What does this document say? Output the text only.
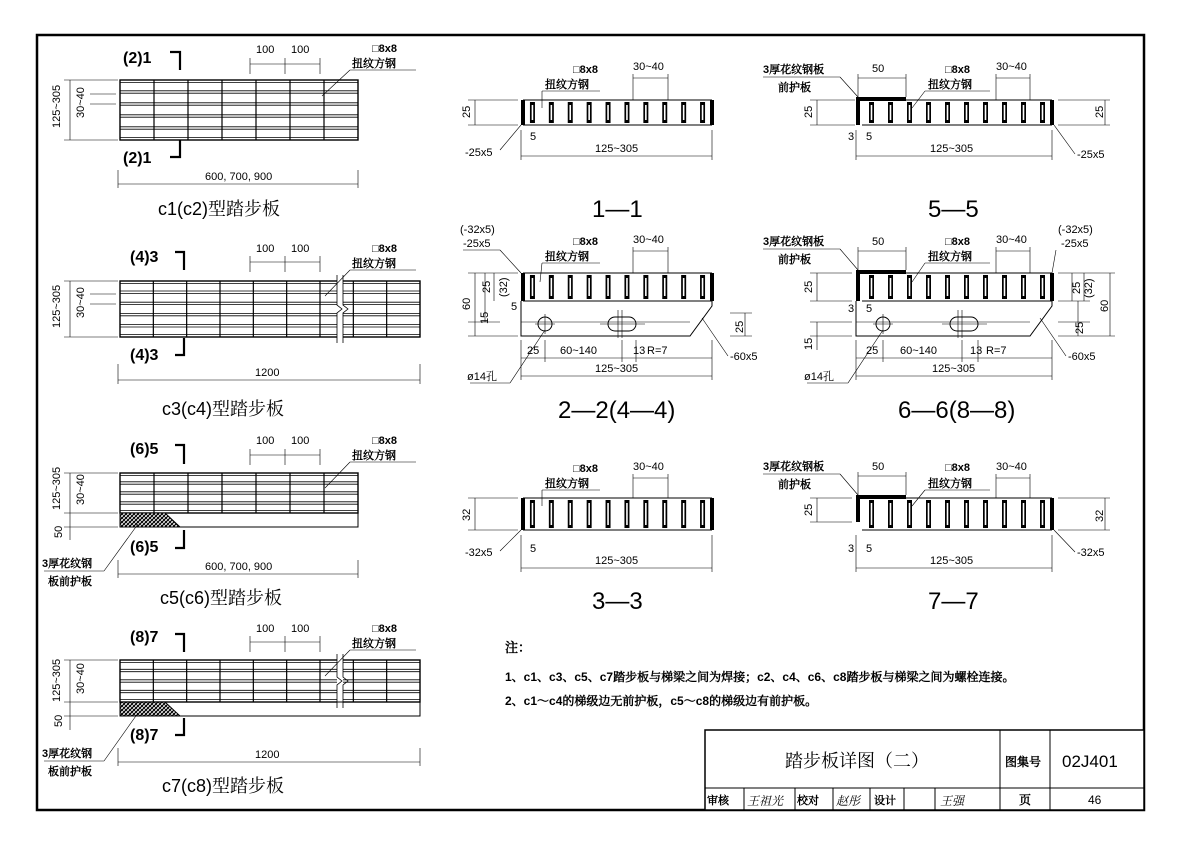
(2)1
(2)1
100 100	□8x8
扭纹方钢
125~305 30~40
600, 700, 900
c1(c2)型踏步板
(4)3
(4)3
100 100	□8x8
扭纹方钢
125~305 30~40
1200
c3(c4)型踏步板
(6)5
(6)5
100 100	□8x8
扭纹方钢
125~305 30~40
50
3厚花纹钢
板前护板
600, 700, 900
c5(c6)型踏步板
(8)7
(8)7
100 100	□8x8
扭纹方钢
125~305 30~40
50
3厚花纹钢
板前护板
1200
c7(c8)型踏步板
□8x8
扭纹方钢
30~40
25
-25x5
5
125~305
1—1
3厚花纹钢板
前护板
50	□8x8
扭纹方钢
30~40
25	25
-25x5
3 5
125~305
5—5
(-32x5)
-25x5	□8x8
扭纹方钢
30~40
60
25 (32)
15
5
25
25 60~140	13 R=7
125~305
ø14孔
-60x5
2—2(4—4)
3厚花纹钢板
前护板
50	□8x8
扭纹方钢
30~40
(-32x5)
-25x5
25 (32)
60
25
25
15
3 5
25 60~140	13 R=7
125~305
ø14孔
-60x5
6—6(8—8)
□8x8
扭纹方钢
30~40
32
-32x5	5
125~305
3—3
3厚花纹钢板
前护板
50	□8x8
扭纹方钢
30~40
25	32
-32x5
3 5
125~305
7—7
注：
1、c1、c3、c5、c7踏步板与梯梁之间为焊接；c2、c4、c6、c8踏步板与梯梁之间为螺栓连接。
2、c1～c4的梯级边无前护板，c5～c8的梯级边有前护板。
踏步板详图（二）	图集号 02J401
审核 王祖光 校对 赵彤 设计	王强	页	46
